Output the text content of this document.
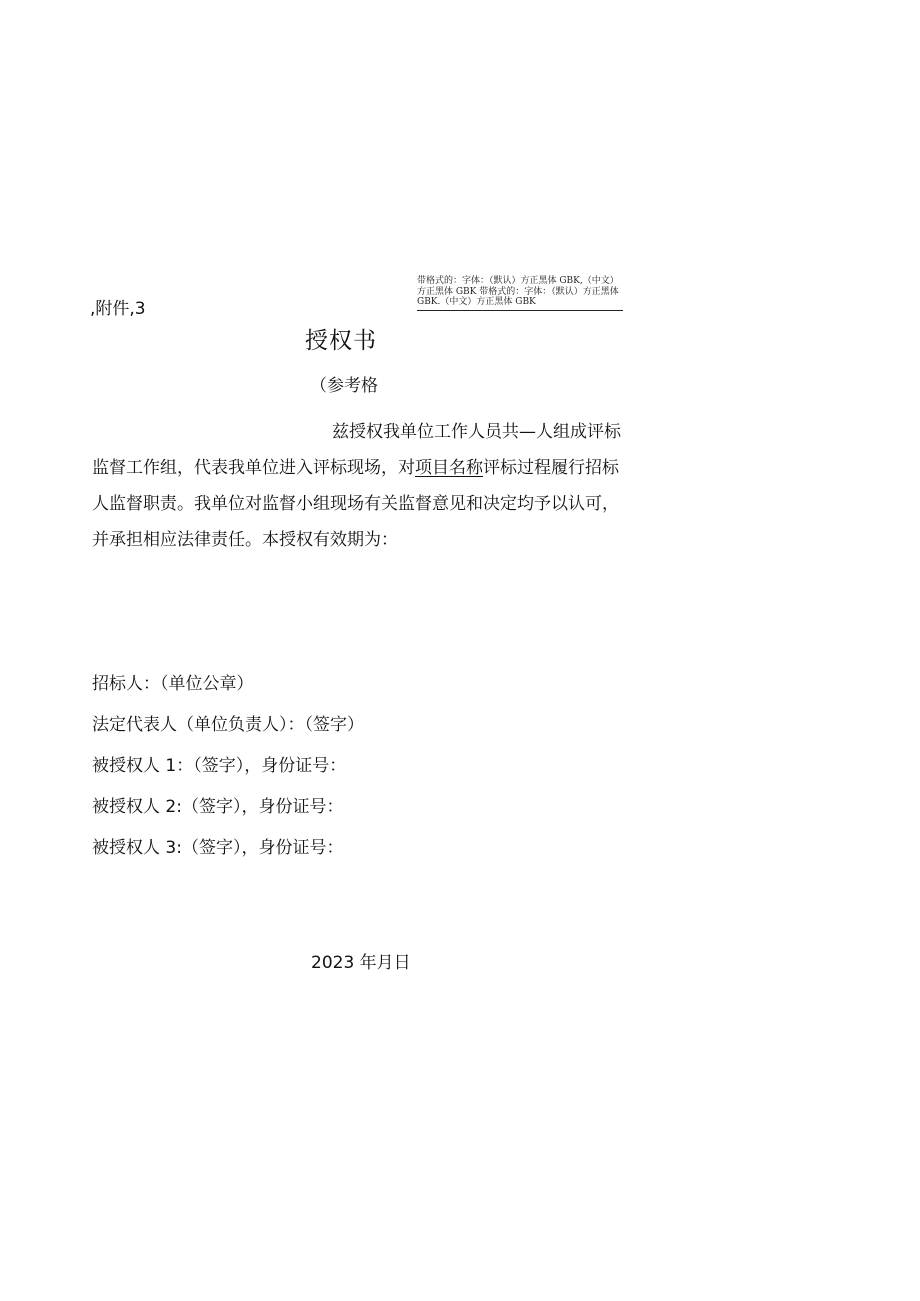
,附件,3
带格式的：字体：（默认）方正黑体 GBK,（中文）方正黑体 GBK 带格式的：字体：（默认）方正黑体 GBK.（中文）方正黑体 GBK
授权书
（参考格
兹授权我单位工作人员共—人组成评标
监督工作组，代表我单位进入评标现场，对项目名称评标过程履行招标
人监督职责。我单位对监督小组现场有关监督意见和决定均予以认可，
并承担相应法律责任。本授权有效期为：
招标人：（单位公章）
法定代表人（单位负责人）：（签字）
被授权人 1：（签字），身份证号：
被授权人 2:（签字），身份证号：
被授权人 3:（签字），身份证号：
2023 年月日
